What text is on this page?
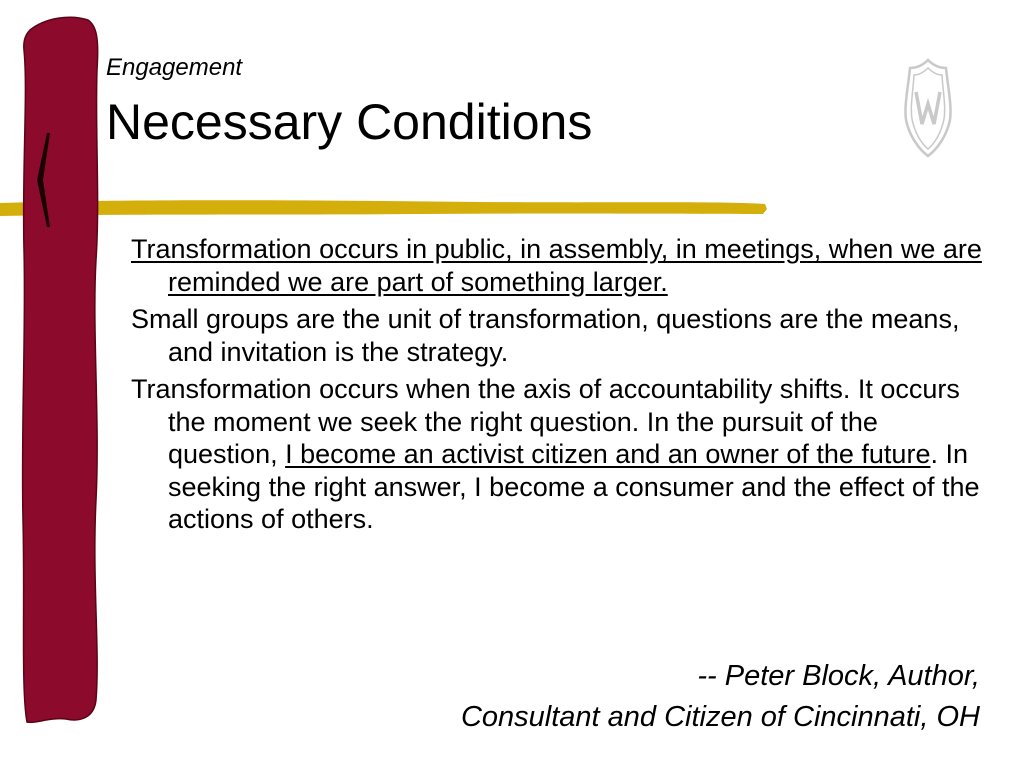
Engagement
Necessary Conditions

Transformation occurs in public, in assembly, in meetings, when we are reminded we are part of something larger.

Small groups are the unit of transformation, questions are the means, and invitation is the strategy.

Transformation occurs when the axis of accountability shifts. It occurs the moment we seek the right question. In the pursuit of the question, I become an activist citizen and an owner of the future. In seeking the right answer, I become a consumer and the effect of the actions of others.

-- Peter Block, Author,
Consultant and Citizen of Cincinnati, OH
